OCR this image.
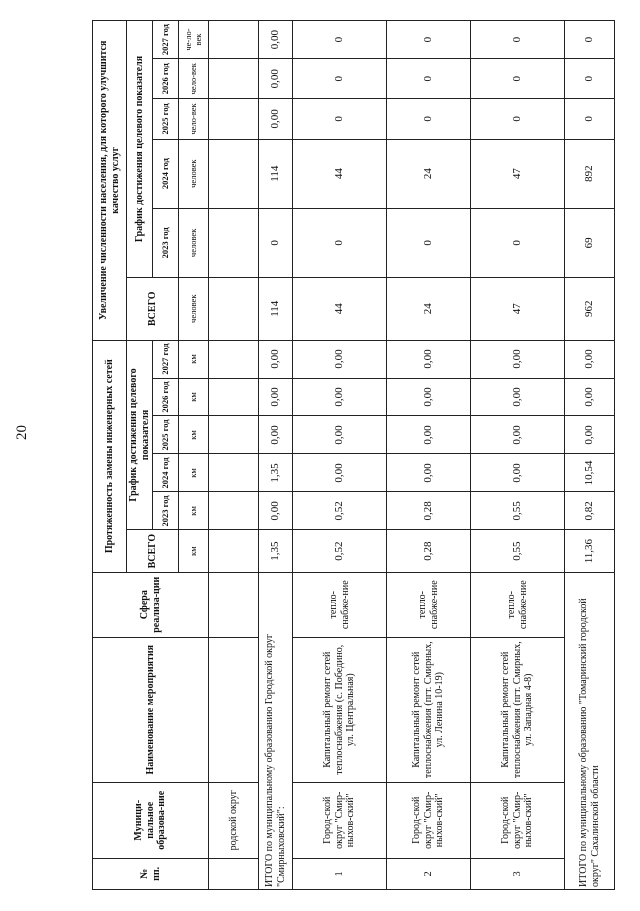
20
№ пп.	Муници-пальное образова-ние	Наименование мероприятия	Сфера реализа-ции	Протяженность замены инженерных сетей						Увеличение численности населения, для которого улучшится качество услуг					
				ВСЕГО	График достижения целевого показателя					ВСЕГО	График достижения целевого показателя				
					2023 год	2024 год	2025 год	2026 год	2027 год		2023 год	2024 год	2025 год	2026 год	2027 год
				км	км	км	км	км	км	человек	человек	человек	чело-век	чело-век	че-ло-век
	родской округ														
ИТОГО по муниципальному образованию Городской округ "Смирныховский":				1,35	0,00	1,35	0,00	0,00	0,00	114	0	114	0,00	0,00	0,00
1	Город-ской округ "Смир-ныхов-ский"	Капитальный ремонт сетей теплоснабжения (с. Победино, ул. Центральная)	тепло-снабже-ние	0,52	0,52	0,00	0,00	0,00	0,00	44	0	44	0	0	0
2	Город-ской округ "Смир-ныхов-ский"	Капитальный ремонт сетей теплоснабжения (пгт. Смирных, ул. Ленина 10-19)	тепло-снабже-ние	0,28	0,28	0,00	0,00	0,00	0,00	24	0	24	0	0	0
3	Город-ской округ "Смир-ныхов-ский"	Капитальный ремонт сетей теплоснабжения (пгт. Смирных, ул. Западная 4-8)	тепло-снабже-ние	0,55	0,55	0,00	0,00	0,00	0,00	47	0	47	0	0	0
ИТОГО по муниципальному образованию "Томаринский городской округ" Сахалинской области				11,36	0,82	10,54	0,00	0,00	0,00	962	69	892	0	0	0
